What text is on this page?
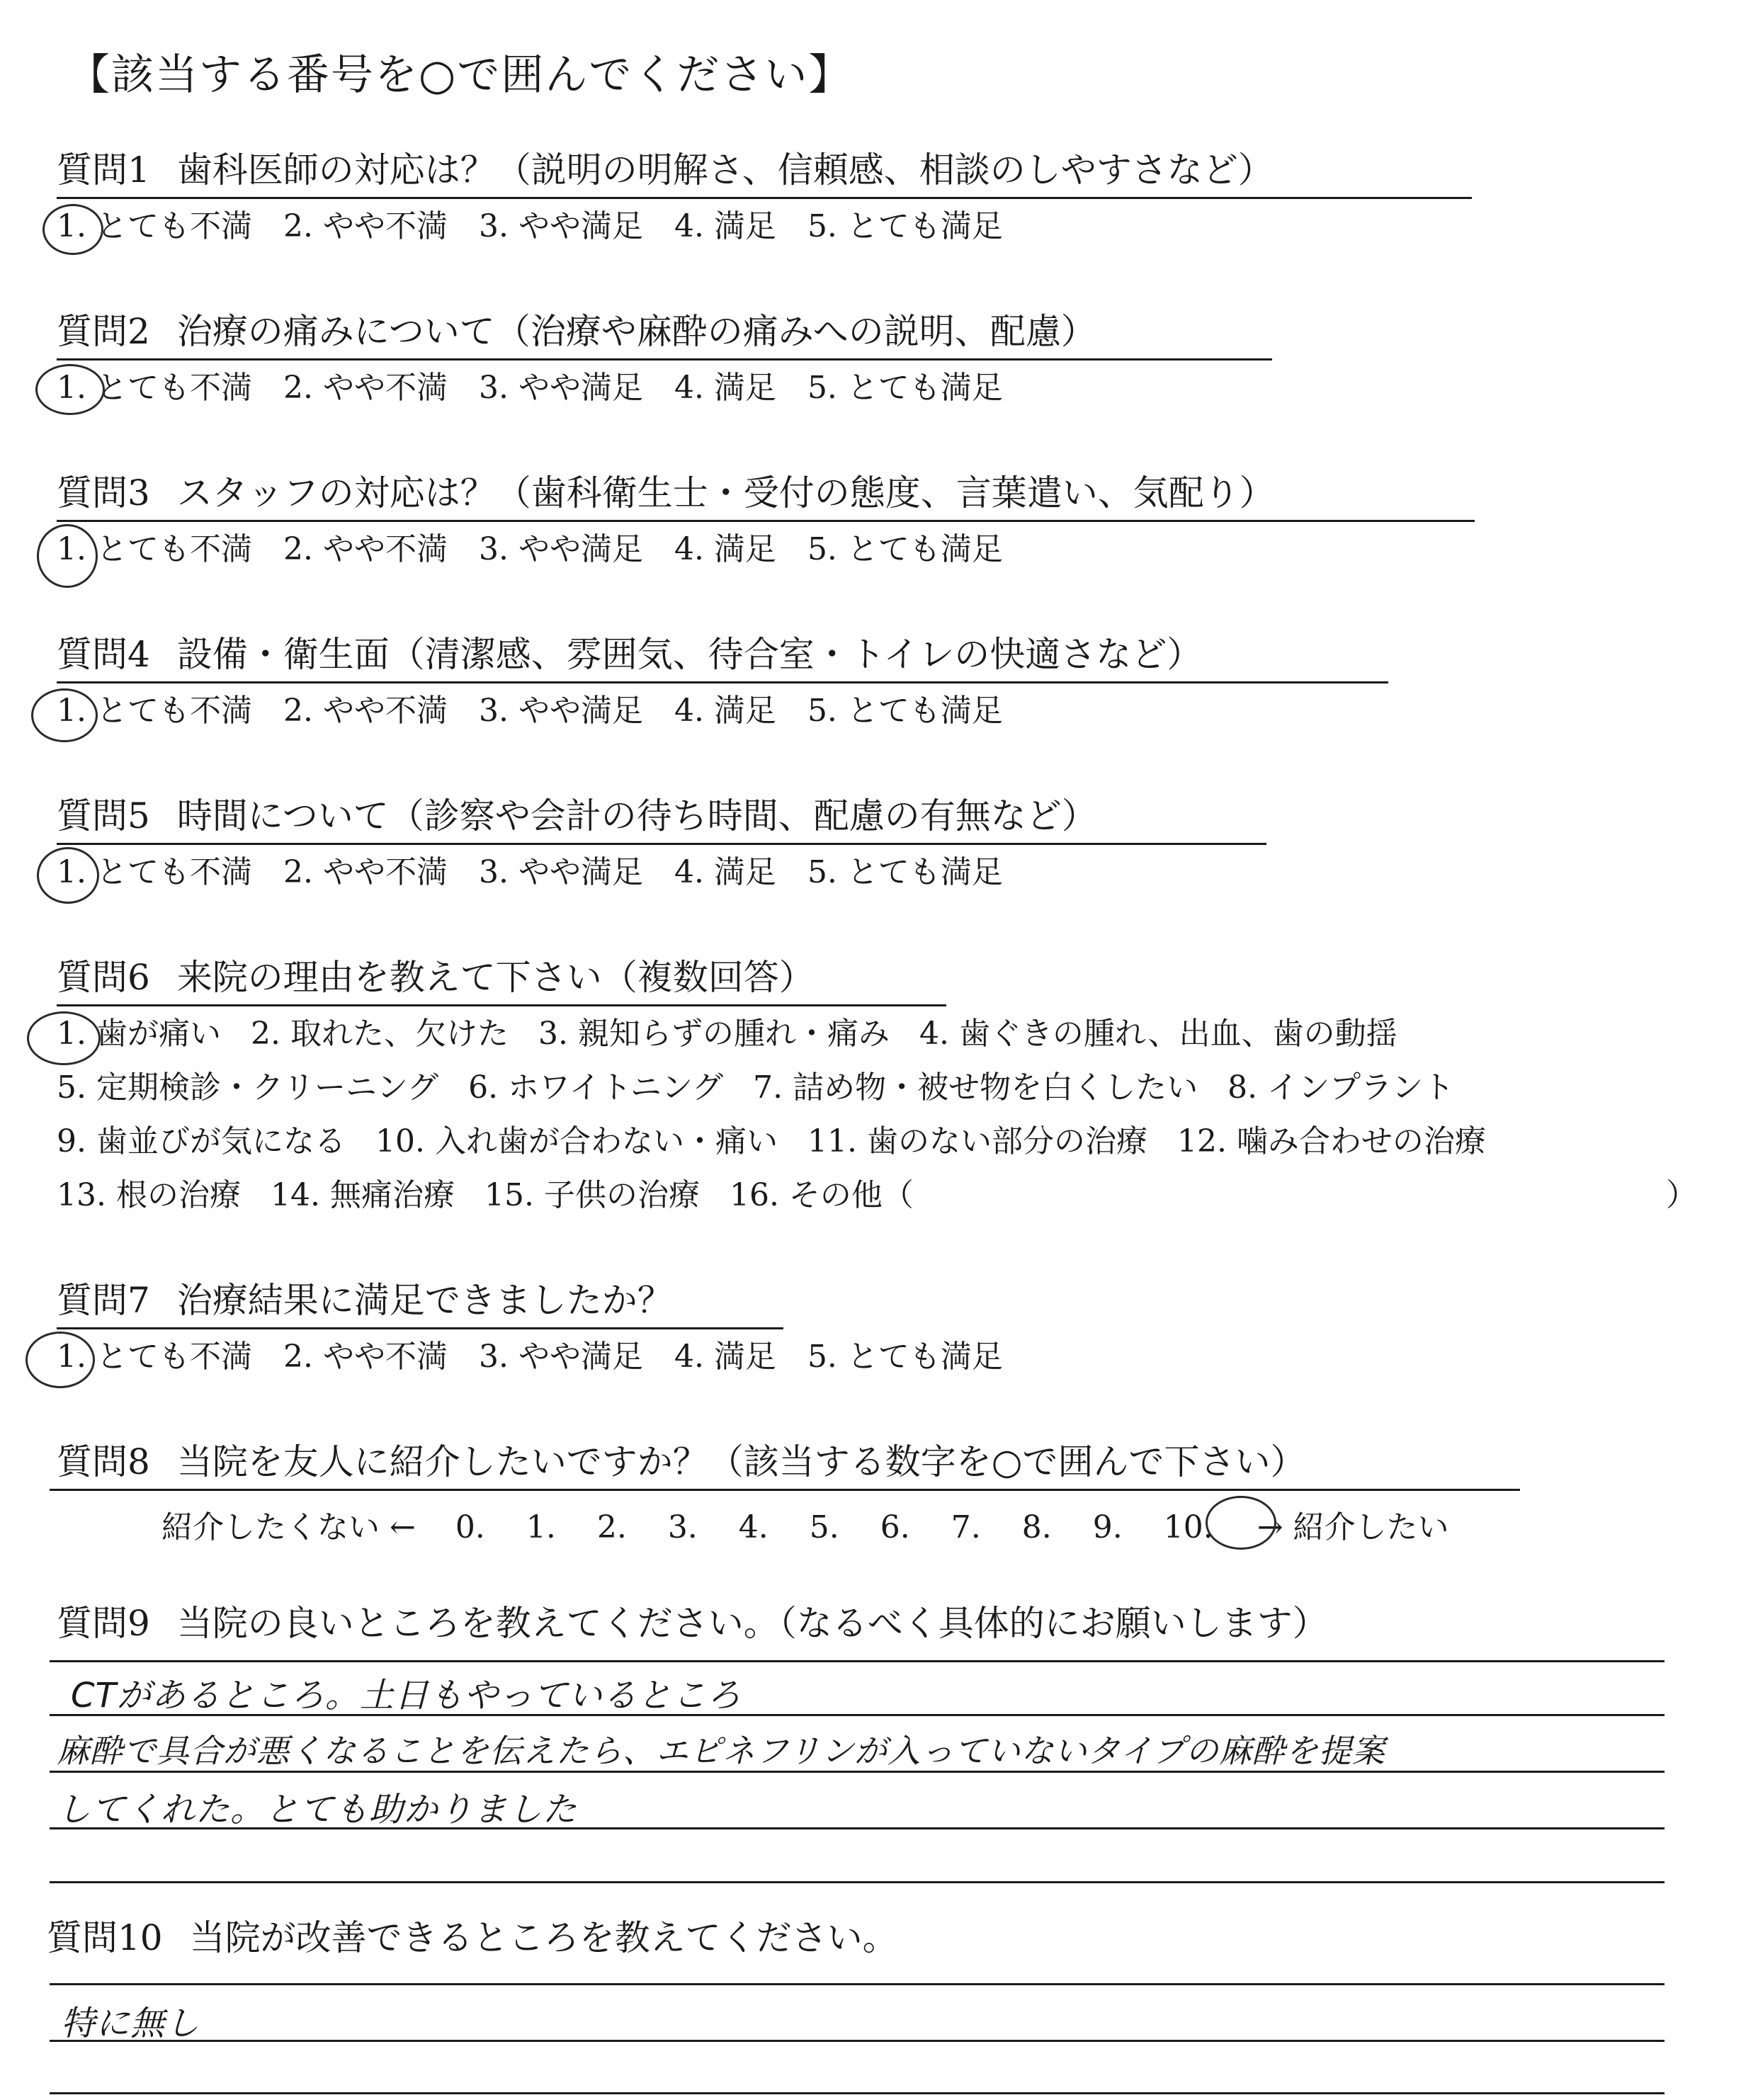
【該当する番号を○で囲んでください】
質問1 歯科医師の対応は？（説明の明解さ、信頼感、相談のしやすさなど）
1. とても不満 2. やや不満 3. やや満足 4. 満足 5. とても満足
質問2 治療の痛みについて（治療や麻酔の痛みへの説明、配慮）
1. とても不満 2. やや不満 3. やや満足 4. 満足 5. とても満足
質問3 スタッフの対応は？（歯科衛生士・受付の態度、言葉遣い、気配り）
1. とても不満 2. やや不満 3. やや満足 4. 満足 5. とても満足
質問4 設備・衛生面（清潔感、雰囲気、待合室・トイレの快適さなど）
1. とても不満 2. やや不満 3. やや満足 4. 満足 5. とても満足
質問5 時間について（診察や会計の待ち時間、配慮の有無など）
1. とても不満 2. やや不満 3. やや満足 4. 満足 5. とても満足
質問6 来院の理由を教えて下さい（複数回答）
1. 歯が痛い 2. 取れた、欠けた 3. 親知らずの腫れ・痛み 4. 歯ぐきの腫れ、出血、歯の動揺
5. 定期検診・クリーニング 6. ホワイトニング 7. 詰め物・被せ物を白くしたい 8. インプラント
9. 歯並びが気になる 10. 入れ歯が合わない・痛い 11. 歯のない部分の治療 12. 噛み合わせの治療
13. 根の治療 14. 無痛治療 15. 子供の治療 16. その他（	）
質問7 治療結果に満足できましたか？
1. とても不満 2. やや不満 3. やや満足 4. 満足 5. とても満足
質問8 当院を友人に紹介したいですか？（該当する数字を○で囲んで下さい）
紹介したくない ← 0. 1. 2. 3. 4. 5. 6. 7. 8. 9. 10. → 紹介したい
質問9 当院の良いところを教えてください。（なるべく具体的にお願いします）
CTがあるところ。土日もやっているところ
麻酔で具合が悪くなることを伝えたら、エピネフリンが入っていないタイプの麻酔を提案
してくれた。とても助かりました
質問10 当院が改善できるところを教えてください。
特に無し
